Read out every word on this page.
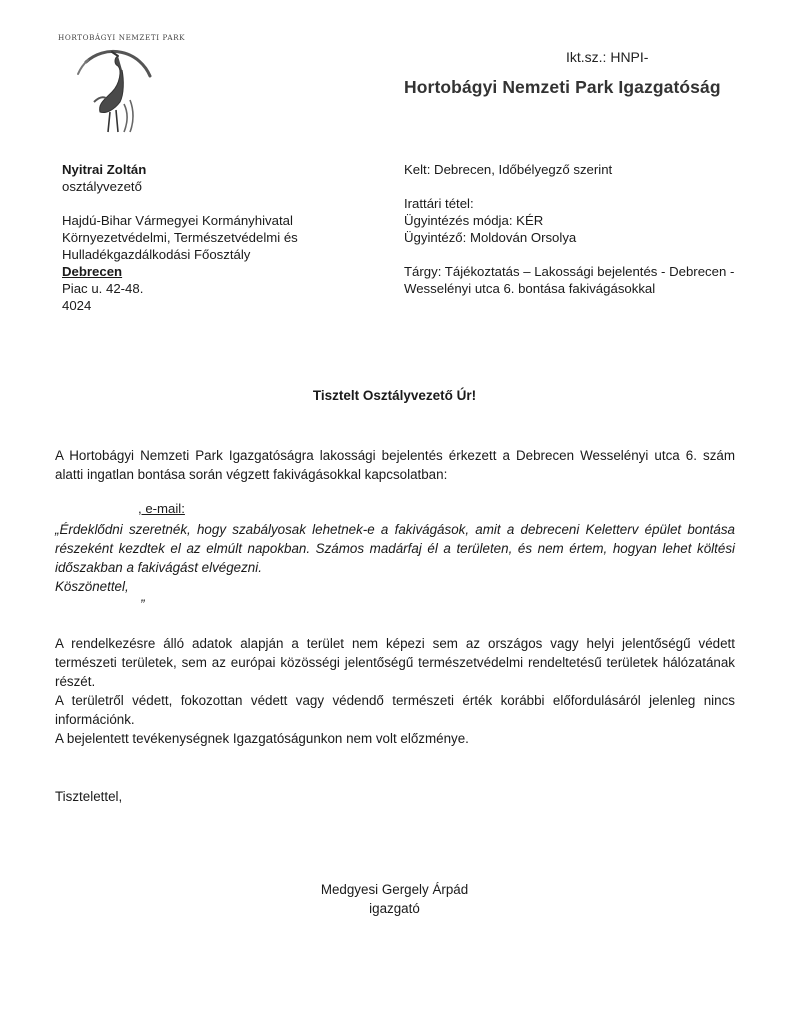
HORTOBÁGYI NEMZETI PARK
Ikt.sz.: HNPI-
Hortobágyi Nemzeti Park Igazgatóság
Nyitrai Zoltán
osztályvezető
Hajdú-Bihar Vármegyei Kormányhivatal
Környezetvédelmi, Természetvédelmi és
Hulladékgazdálkodási Főosztály
Debrecen
Piac u. 42-48.
4024
Kelt: Debrecen, Időbélyegző szerint
Irattári tétel:
Ügyintézés módja: KÉR
Ügyintéző: Moldován Orsolya
Tárgy: Tájékoztatás – Lakossági bejelentés - Debrecen -
Wesselényi utca 6. bontása fakivágásokkal
Tisztelt Osztályvezető Úr!
A Hortobágyi Nemzeti Park Igazgatóságra lakossági bejelentés érkezett a Debrecen Wesselényi utca 6. szám alatti ingatlan bontása során végzett fakivágásokkal kapcsolatban:
, e-mail:
„Érdeklődni szeretnék, hogy szabályosak lehetnek-e a fakivágások, amit a debreceni Keletterv épület bontása részeként kezdtek el az elmúlt napokban. Számos madárfaj él a területen, és nem értem, hogyan lehet költési időszakban a fakivágást elvégezni.
Köszönettel,
”
A rendelkezésre álló adatok alapján a terület nem képezi sem az országos vagy helyi jelentőségű védett természeti területek, sem az európai közösségi jelentőségű természetvédelmi rendeltetésű területek hálózatának részét.
A területről védett, fokozottan védett vagy védendő természeti érték korábbi előfordulásáról jelenleg nincs információnk.
A bejelentett tevékenységnek Igazgatóságunkon nem volt előzménye.
Tisztelettel,
Medgyesi Gergely Árpád
igazgató
